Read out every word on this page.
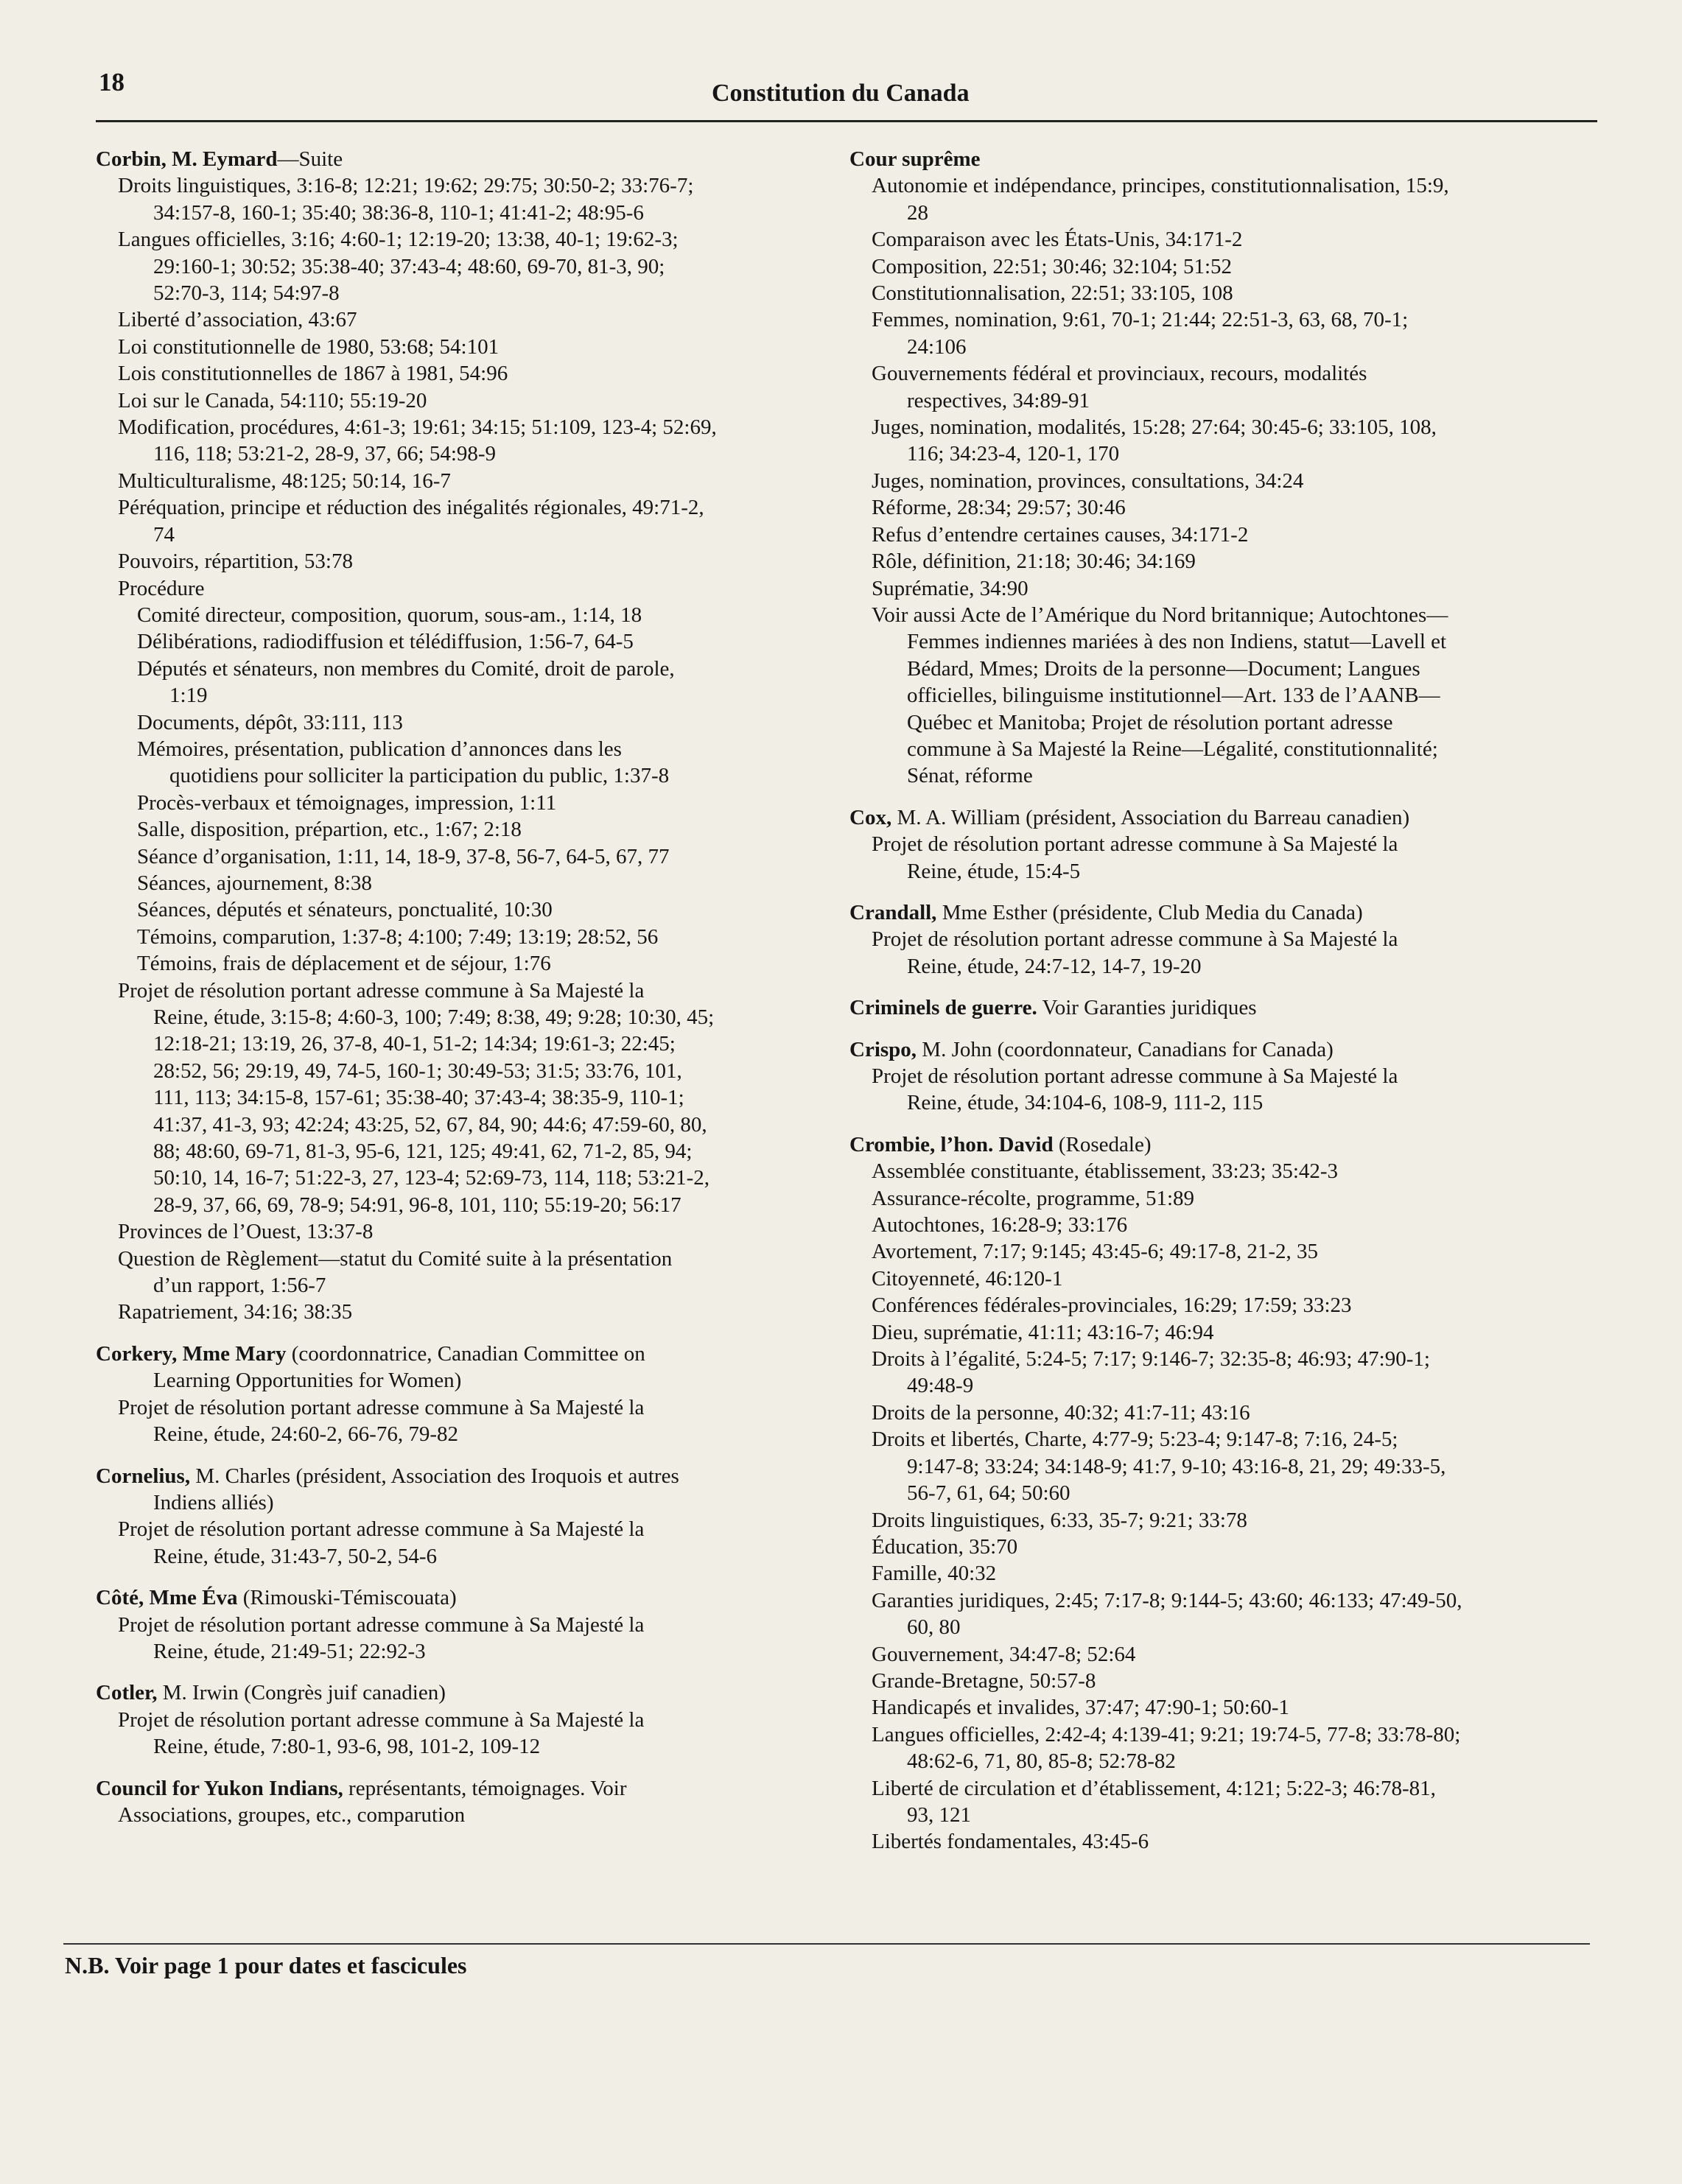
18	Constitution du Canada
Corbin, M. Eymard—Suite
Droits linguistiques, 3:16-8; 12:21; 19:62; 29:75; 30:50-2; 33:76-7;
34:157-8, 160-1; 35:40; 38:36-8, 110-1; 41:41-2; 48:95-6
Langues officielles, 3:16; 4:60-1; 12:19-20; 13:38, 40-1; 19:62-3;
29:160-1; 30:52; 35:38-40; 37:43-4; 48:60, 69-70, 81-3, 90;
52:70-3, 114; 54:97-8
Liberté d’association, 43:67
Loi constitutionnelle de 1980, 53:68; 54:101
Lois constitutionnelles de 1867 à 1981, 54:96
Loi sur le Canada, 54:110; 55:19-20
Modification, procédures, 4:61-3; 19:61; 34:15; 51:109, 123-4; 52:69,
116, 118; 53:21-2, 28-9, 37, 66; 54:98-9
Multiculturalisme, 48:125; 50:14, 16-7
Péréquation, principe et réduction des inégalités régionales, 49:71-2,
74
Pouvoirs, répartition, 53:78
Procédure
Comité directeur, composition, quorum, sous-am., 1:14, 18
Délibérations, radiodiffusion et télédiffusion, 1:56-7, 64-5
Députés et sénateurs, non membres du Comité, droit de parole,
1:19
Documents, dépôt, 33:111, 113
Mémoires, présentation, publication d’annonces dans les
quotidiens pour solliciter la participation du public, 1:37-8
Procès-verbaux et témoignages, impression, 1:11
Salle, disposition, prépartion, etc., 1:67; 2:18
Séance d’organisation, 1:11, 14, 18-9, 37-8, 56-7, 64-5, 67, 77
Séances, ajournement, 8:38
Séances, députés et sénateurs, ponctualité, 10:30
Témoins, comparution, 1:37-8; 4:100; 7:49; 13:19; 28:52, 56
Témoins, frais de déplacement et de séjour, 1:76
Projet de résolution portant adresse commune à Sa Majesté la
Reine, étude, 3:15-8; 4:60-3, 100; 7:49; 8:38, 49; 9:28; 10:30, 45;
12:18-21; 13:19, 26, 37-8, 40-1, 51-2; 14:34; 19:61-3; 22:45;
28:52, 56; 29:19, 49, 74-5, 160-1; 30:49-53; 31:5; 33:76, 101,
111, 113; 34:15-8, 157-61; 35:38-40; 37:43-4; 38:35-9, 110-1;
41:37, 41-3, 93; 42:24; 43:25, 52, 67, 84, 90; 44:6; 47:59-60, 80,
88; 48:60, 69-71, 81-3, 95-6, 121, 125; 49:41, 62, 71-2, 85, 94;
50:10, 14, 16-7; 51:22-3, 27, 123-4; 52:69-73, 114, 118; 53:21-2,
28-9, 37, 66, 69, 78-9; 54:91, 96-8, 101, 110; 55:19-20; 56:17
Provinces de l’Ouest, 13:37-8
Question de Règlement—statut du Comité suite à la présentation
d’un rapport, 1:56-7
Rapatriement, 34:16; 38:35
Corkery, Mme Mary (coordonnatrice, Canadian Committee on
Learning Opportunities for Women)
Projet de résolution portant adresse commune à Sa Majesté la
Reine, étude, 24:60-2, 66-76, 79-82
Cornelius, M. Charles (président, Association des Iroquois et autres
Indiens alliés)
Projet de résolution portant adresse commune à Sa Majesté la
Reine, étude, 31:43-7, 50-2, 54-6
Côté, Mme Éva (Rimouski-Témiscouata)
Projet de résolution portant adresse commune à Sa Majesté la
Reine, étude, 21:49-51; 22:92-3
Cotler, M. Irwin (Congrès juif canadien)
Projet de résolution portant adresse commune à Sa Majesté la
Reine, étude, 7:80-1, 93-6, 98, 101-2, 109-12
Council for Yukon Indians, représentants, témoignages. Voir
Associations, groupes, etc., comparution
Cour suprême
Autonomie et indépendance, principes, constitutionnalisation, 15:9,
28
Comparaison avec les États-Unis, 34:171-2
Composition, 22:51; 30:46; 32:104; 51:52
Constitutionnalisation, 22:51; 33:105, 108
Femmes, nomination, 9:61, 70-1; 21:44; 22:51-3, 63, 68, 70-1;
24:106
Gouvernements fédéral et provinciaux, recours, modalités
respectives, 34:89-91
Juges, nomination, modalités, 15:28; 27:64; 30:45-6; 33:105, 108,
116; 34:23-4, 120-1, 170
Juges, nomination, provinces, consultations, 34:24
Réforme, 28:34; 29:57; 30:46
Refus d’entendre certaines causes, 34:171-2
Rôle, définition, 21:18; 30:46; 34:169
Suprématie, 34:90
Voir aussi Acte de l’Amérique du Nord britannique; Autochtones—
Femmes indiennes mariées à des non Indiens, statut—Lavell et
Bédard, Mmes; Droits de la personne—Document; Langues
officielles, bilinguisme institutionnel—Art. 133 de l’AANB—
Québec et Manitoba; Projet de résolution portant adresse
commune à Sa Majesté la Reine—Légalité, constitutionnalité;
Sénat, réforme
Cox, M. A. William (président, Association du Barreau canadien)
Projet de résolution portant adresse commune à Sa Majesté la
Reine, étude, 15:4-5
Crandall, Mme Esther (présidente, Club Media du Canada)
Projet de résolution portant adresse commune à Sa Majesté la
Reine, étude, 24:7-12, 14-7, 19-20
Criminels de guerre. Voir Garanties juridiques
Crispo, M. John (coordonnateur, Canadians for Canada)
Projet de résolution portant adresse commune à Sa Majesté la
Reine, étude, 34:104-6, 108-9, 111-2, 115
Crombie, l’hon. David (Rosedale)
Assemblée constituante, établissement, 33:23; 35:42-3
Assurance-récolte, programme, 51:89
Autochtones, 16:28-9; 33:176
Avortement, 7:17; 9:145; 43:45-6; 49:17-8, 21-2, 35
Citoyenneté, 46:120-1
Conférences fédérales-provinciales, 16:29; 17:59; 33:23
Dieu, suprématie, 41:11; 43:16-7; 46:94
Droits à l’égalité, 5:24-5; 7:17; 9:146-7; 32:35-8; 46:93; 47:90-1;
49:48-9
Droits de la personne, 40:32; 41:7-11; 43:16
Droits et libertés, Charte, 4:77-9; 5:23-4; 9:147-8; 7:16, 24-5;
9:147-8; 33:24; 34:148-9; 41:7, 9-10; 43:16-8, 21, 29; 49:33-5,
56-7, 61, 64; 50:60
Droits linguistiques, 6:33, 35-7; 9:21; 33:78
Éducation, 35:70
Famille, 40:32
Garanties juridiques, 2:45; 7:17-8; 9:144-5; 43:60; 46:133; 47:49-50,
60, 80
Gouvernement, 34:47-8; 52:64
Grande-Bretagne, 50:57-8
Handicapés et invalides, 37:47; 47:90-1; 50:60-1
Langues officielles, 2:42-4; 4:139-41; 9:21; 19:74-5, 77-8; 33:78-80;
48:62-6, 71, 80, 85-8; 52:78-82
Liberté de circulation et d’établissement, 4:121; 5:22-3; 46:78-81,
93, 121
Libertés fondamentales, 43:45-6
N.B. Voir page 1 pour dates et fascicules
